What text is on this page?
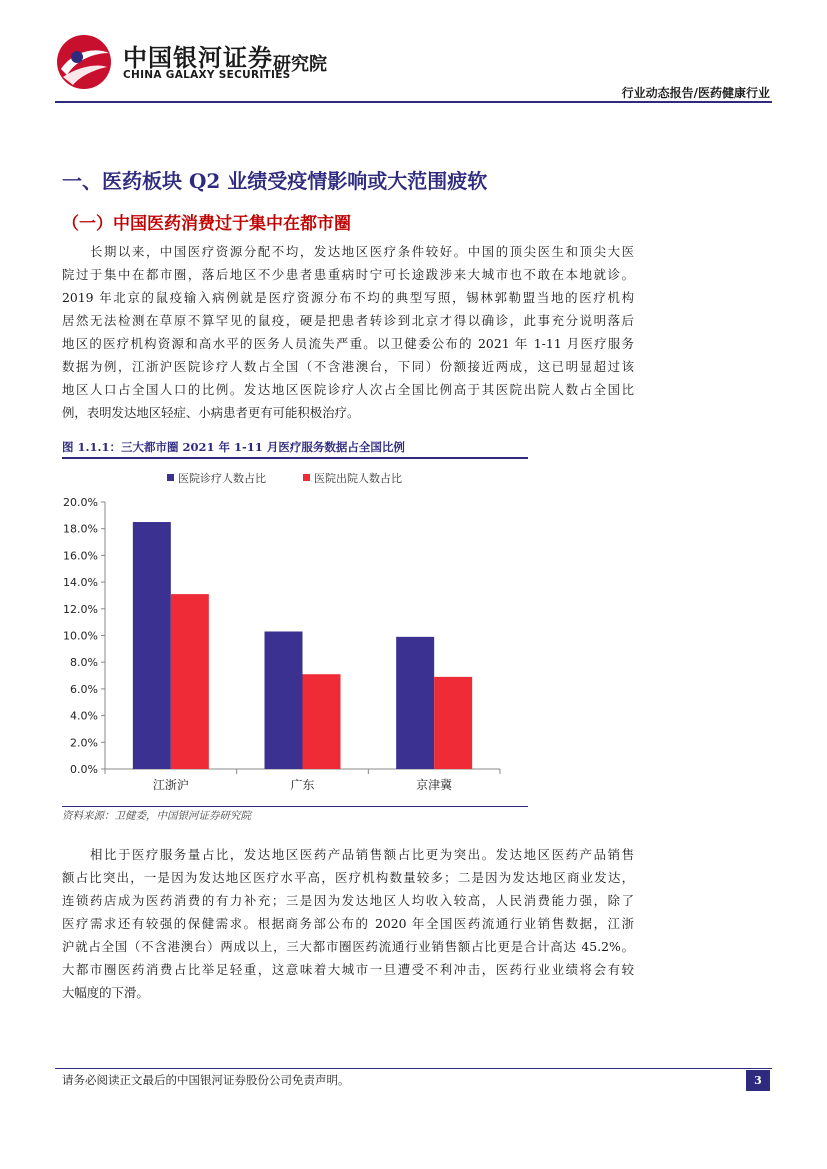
中国银河证券
CHINA GALAXY SECURITIES
研究院
行业动态报告/医药健康行业
一、医药板块 Q2 业绩受疫情影响或大范围疲软
（一）中国医药消费过于集中在都市圈
　　长期以来，中国医疗资源分配不均，发达地区医疗条件较好。中国的顶尖医生和顶尖大医
院过于集中在都市圈，落后地区不少患者患重病时宁可长途跋涉来大城市也不敢在本地就诊。
2019 年北京的鼠疫输入病例就是医疗资源分布不均的典型写照，锡林郭勒盟当地的医疗机构
居然无法检测在草原不算罕见的鼠疫，硬是把患者转诊到北京才得以确诊，此事充分说明落后
地区的医疗机构资源和高水平的医务人员流失严重。以卫健委公布的 2021 年 1-11 月医疗服务
数据为例，江浙沪医院诊疗人数占全国（不含港澳台，下同）份额接近两成，这已明显超过该
地区人口占全国人口的比例。发达地区医院诊疗人次占全国比例高于其医院出院人数占全国比
例，表明发达地区轻症、小病患者更有可能积极治疗。
图 1.1.1：三大都市圈 2021 年 1-11 月医疗服务数据占全国比例
医院诊疗人数占比	医院出院人数占比
0.0%
2.0%
4.0%
6.0%
8.0%
10.0%
12.0%
14.0%
16.0%
18.0%
20.0%
江浙沪	广东	京津冀
资料来源：卫健委，中国银河证券研究院
　　相比于医疗服务量占比，发达地区医药产品销售额占比更为突出。发达地区医药产品销售
额占比突出，一是因为发达地区医疗水平高，医疗机构数量较多；二是因为发达地区商业发达，
连锁药店成为医药消费的有力补充；三是因为发达地区人均收入较高，人民消费能力强，除了
医疗需求还有较强的保健需求。根据商务部公布的 2020 年全国医药流通行业销售数据，江浙
沪就占全国（不含港澳台）两成以上，三大都市圈医药流通行业销售额占比更是合计高达 45.2%。
大都市圈医药消费占比举足轻重，这意味着大城市一旦遭受不利冲击，医药行业业绩将会有较
大幅度的下滑。
请务必阅读正文最后的中国银河证券股份公司免责声明。	3
